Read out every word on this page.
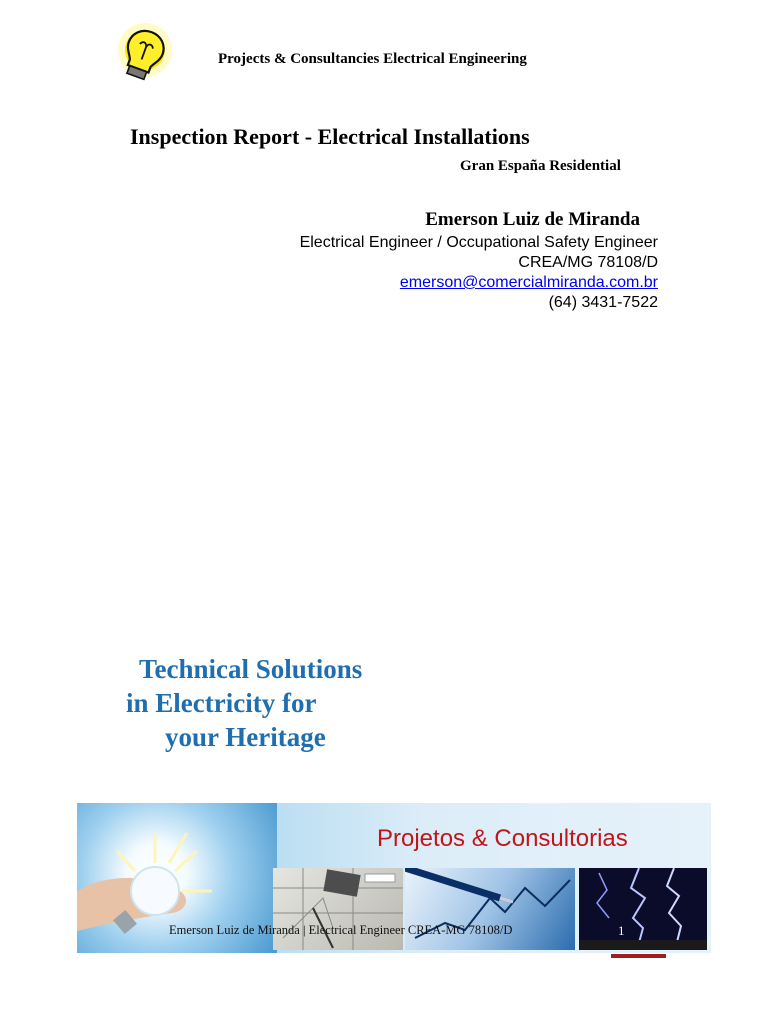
Projects & Consultancies Electrical Engineering
Inspection Report - Electrical Installations
Gran España Residential
Emerson Luiz de Miranda
Electrical Engineer / Occupational Safety Engineer
CREA/MG 78108/D
emerson@comercialmiranda.com.br
(64) 3431-7522
Technical Solutions
in Electricity for
your Heritage
Projetos & Consultorias
Emerson Luiz de Miranda | Electrical Engineer CREA-MG 78108/D	1
